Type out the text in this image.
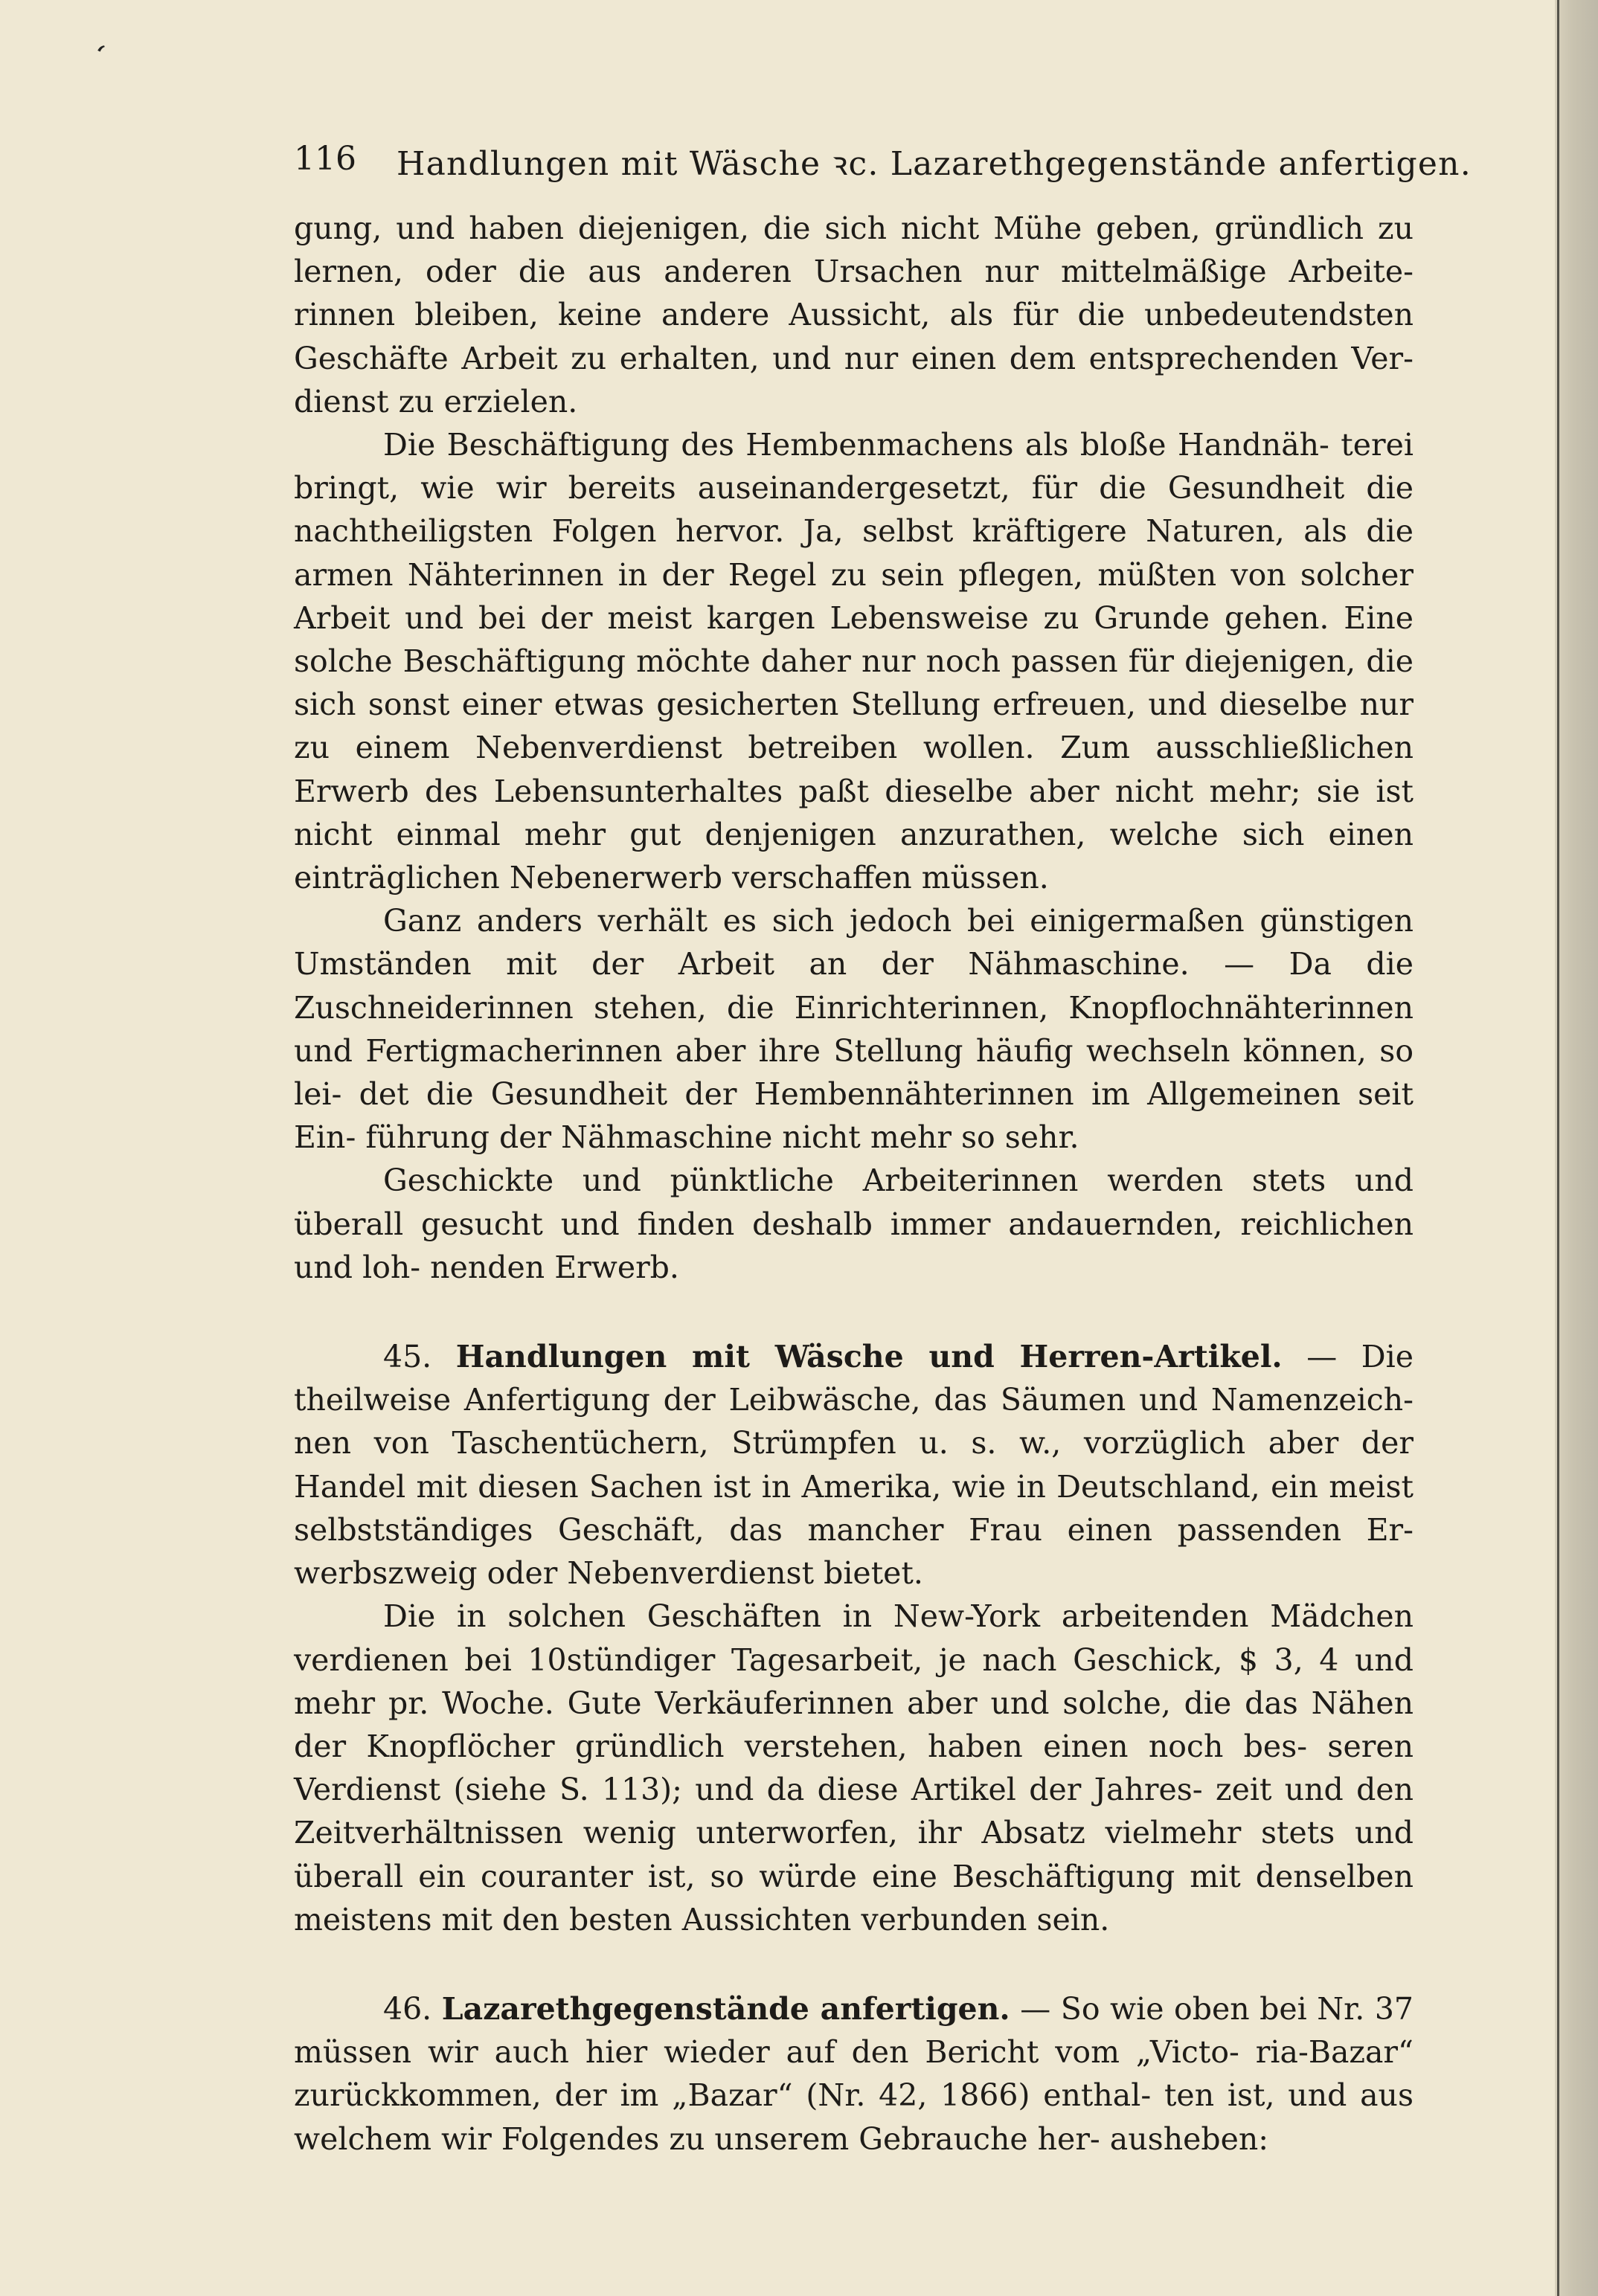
‘
116 Handlungen mit Wäsche ꝛc. Lazarethgegenstände anfertigen.

gung, und haben diejenigen, die sich nicht Mühe geben, gründlich zu lernen, oder die aus anderen Ursachen nur mittelmäßige Arbeite- rinnen bleiben, keine andere Aussicht, als für die unbedeutendsten Geschäfte Arbeit zu erhalten, und nur einen dem entsprechenden Ver- dienst zu erzielen.

Die Beschäftigung des Hembenmachens als bloße Handnäh- terei bringt, wie wir bereits auseinandergesetzt, für die Gesundheit die nachtheiligsten Folgen hervor. Ja, selbst kräftigere Naturen, als die armen Nähterinnen in der Regel zu sein pflegen, müßten von solcher Arbeit und bei der meist kargen Lebensweise zu Grunde gehen. Eine solche Beschäftigung möchte daher nur noch passen für diejenigen, die sich sonst einer etwas gesicherten Stellung erfreuen, und dieselbe nur zu einem Nebenverdienst betreiben wollen. Zum ausschließlichen Erwerb des Lebensunterhaltes paßt dieselbe aber nicht mehr; sie ist nicht einmal mehr gut denjenigen anzurathen, welche sich einen einträglichen Nebenerwerb verschaffen müssen.

Ganz anders verhält es sich jedoch bei einigermaßen günstigen Umständen mit der Arbeit an der Nähmaschine. — Da die Zuschneiderinnen stehen, die Einrichterinnen, Knopflochnähterinnen und Fertigmacherinnen aber ihre Stellung häufig wechseln können, so lei- det die Gesundheit der Hembennähterinnen im Allgemeinen seit Ein- führung der Nähmaschine nicht mehr so sehr.

Geschickte und pünktliche Arbeiterinnen werden stets und überall gesucht und finden deshalb immer andauernden, reichlichen und loh- nenden Erwerb.

45. Handlungen mit Wäsche und Herren-Artikel. — Die theilweise Anfertigung der Leibwäsche, das Säumen und Namenzeich- nen von Taschentüchern, Strümpfen u. s. w., vorzüglich aber der Handel mit diesen Sachen ist in Amerika, wie in Deutschland, ein meist selbstständiges Geschäft, das mancher Frau einen passenden Er- werbszweig oder Nebenverdienst bietet.

Die in solchen Geschäften in New-York arbeitenden Mädchen verdienen bei 10stündiger Tagesarbeit, je nach Geschick, $ 3, 4 und mehr pr. Woche. Gute Verkäuferinnen aber und solche, die das Nähen der Knopflöcher gründlich verstehen, haben einen noch bes- seren Verdienst (siehe S. 113); und da diese Artikel der Jahres- zeit und den Zeitverhältnissen wenig unterworfen, ihr Absatz vielmehr stets und überall ein couranter ist, so würde eine Beschäftigung mit denselben meistens mit den besten Aussichten verbunden sein.

46. Lazarethgegenstände anfertigen. — So wie oben bei Nr. 37 müssen wir auch hier wieder auf den Bericht vom „Victo- ria-Bazar“ zurückkommen, der im „Bazar“ (Nr. 42, 1866) enthal- ten ist, und aus welchem wir Folgendes zu unserem Gebrauche her- ausheben:
